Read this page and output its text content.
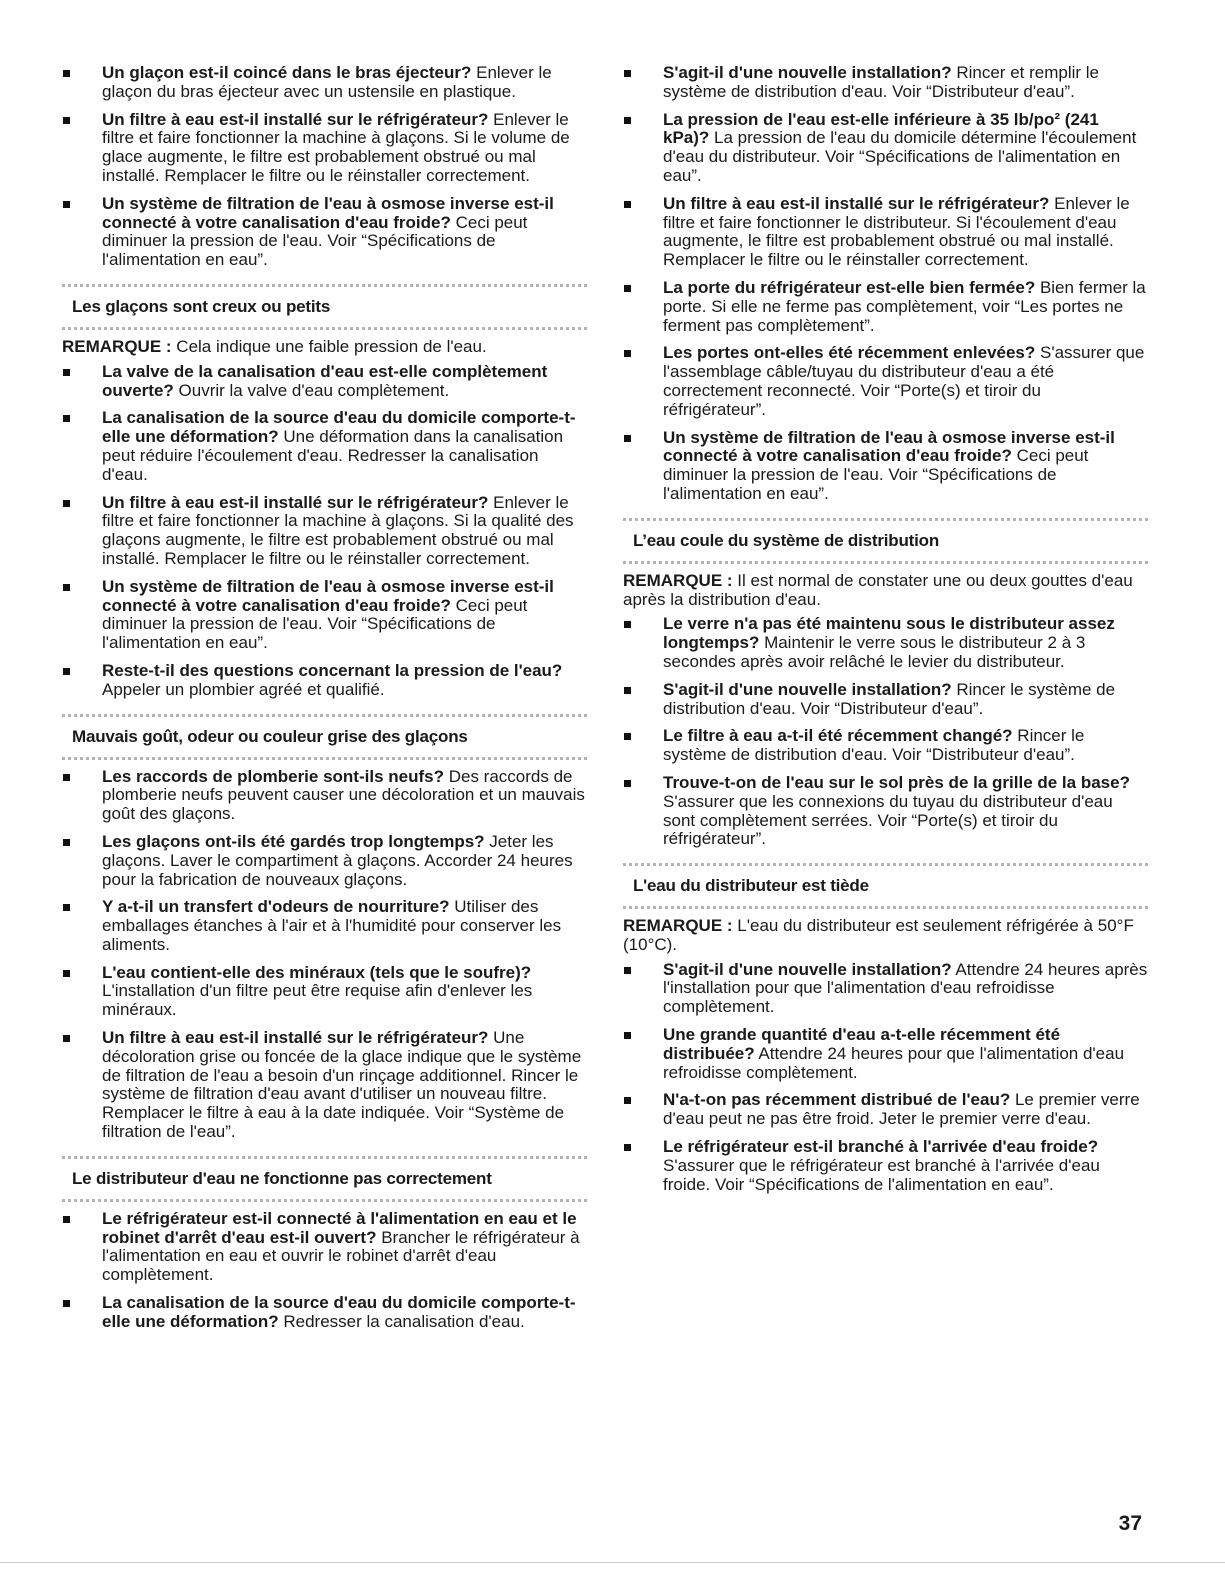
Un glaçon est-il coincé dans le bras éjecteur? Enlever le glaçon du bras éjecteur avec un ustensile en plastique.
Un filtre à eau est-il installé sur le réfrigérateur? Enlever le filtre et faire fonctionner la machine à glaçons. Si le volume de glace augmente, le filtre est probablement obstrué ou mal installé. Remplacer le filtre ou le réinstaller correctement.
Un système de filtration de l'eau à osmose inverse est-il connecté à votre canalisation d'eau froide? Ceci peut diminuer la pression de l'eau. Voir “Spécifications de l'alimentation en eau”.
Les glaçons sont creux ou petits
REMARQUE : Cela indique une faible pression de l'eau.
La valve de la canalisation d'eau est-elle complètement ouverte? Ouvrir la valve d'eau complètement.
La canalisation de la source d'eau du domicile comporte-t-elle une déformation? Une déformation dans la canalisation peut réduire l'écoulement d'eau. Redresser la canalisation d'eau.
Un filtre à eau est-il installé sur le réfrigérateur? Enlever le filtre et faire fonctionner la machine à glaçons. Si la qualité des glaçons augmente, le filtre est probablement obstrué ou mal installé. Remplacer le filtre ou le réinstaller correctement.
Un système de filtration de l'eau à osmose inverse est-il connecté à votre canalisation d'eau froide? Ceci peut diminuer la pression de l'eau. Voir “Spécifications de l'alimentation en eau”.
Reste-t-il des questions concernant la pression de l'eau? Appeler un plombier agréé et qualifié.
Mauvais goût, odeur ou couleur grise des glaçons
Les raccords de plomberie sont-ils neufs? Des raccords de plomberie neufs peuvent causer une décoloration et un mauvais goût des glaçons.
Les glaçons ont-ils été gardés trop longtemps? Jeter les glaçons. Laver le compartiment à glaçons. Accorder 24 heures pour la fabrication de nouveaux glaçons.
Y a-t-il un transfert d'odeurs de nourriture? Utiliser des emballages étanches à l'air et à l'humidité pour conserver les aliments.
L'eau contient-elle des minéraux (tels que le soufre)? L'installation d'un filtre peut être requise afin d'enlever les minéraux.
Un filtre à eau est-il installé sur le réfrigérateur? Une décoloration grise ou foncée de la glace indique que le système de filtration de l'eau a besoin d'un rinçage additionnel. Rincer le système de filtration d'eau avant d'utiliser un nouveau filtre. Remplacer le filtre à eau à la date indiquée. Voir “Système de filtration de l'eau”.
Le distributeur d'eau ne fonctionne pas correctement
Le réfrigérateur est-il connecté à l'alimentation en eau et le robinet d'arrêt d'eau est-il ouvert? Brancher le réfrigérateur à l'alimentation en eau et ouvrir le robinet d'arrêt d'eau complètement.
La canalisation de la source d'eau du domicile comporte-t-elle une déformation? Redresser la canalisation d'eau.
S'agit-il d'une nouvelle installation? Rincer et remplir le système de distribution d'eau. Voir “Distributeur d'eau”.
La pression de l'eau est-elle inférieure à 35 lb/po² (241 kPa)? La pression de l'eau du domicile détermine l'écoulement d'eau du distributeur. Voir “Spécifications de l'alimentation en eau”.
Un filtre à eau est-il installé sur le réfrigérateur? Enlever le filtre et faire fonctionner le distributeur. Si l'écoulement d'eau augmente, le filtre est probablement obstrué ou mal installé. Remplacer le filtre ou le réinstaller correctement.
La porte du réfrigérateur est-elle bien fermée? Bien fermer la porte. Si elle ne ferme pas complètement, voir “Les portes ne ferment pas complètement”.
Les portes ont-elles été récemment enlevées? S'assurer que l'assemblage câble/tuyau du distributeur d'eau a été correctement reconnecté. Voir “Porte(s) et tiroir du réfrigérateur”.
Un système de filtration de l'eau à osmose inverse est-il connecté à votre canalisation d'eau froide? Ceci peut diminuer la pression de l'eau. Voir “Spécifications de l'alimentation en eau”.
L’eau coule du système de distribution
REMARQUE : Il est normal de constater une ou deux gouttes d'eau après la distribution d'eau.
Le verre n'a pas été maintenu sous le distributeur assez longtemps? Maintenir le verre sous le distributeur 2 à 3 secondes après avoir relâché le levier du distributeur.
S'agit-il d'une nouvelle installation? Rincer le système de distribution d'eau. Voir “Distributeur d'eau”.
Le filtre à eau a-t-il été récemment changé? Rincer le système de distribution d'eau. Voir “Distributeur d'eau”.
Trouve-t-on de l'eau sur le sol près de la grille de la base? S'assurer que les connexions du tuyau du distributeur d'eau sont complètement serrées. Voir “Porte(s) et tiroir du réfrigérateur”.
L'eau du distributeur est tiède
REMARQUE : L'eau du distributeur est seulement réfrigérée à 50°F (10°C).
S'agit-il d'une nouvelle installation? Attendre 24 heures après l'installation pour que l'alimentation d'eau refroidisse complètement.
Une grande quantité d'eau a-t-elle récemment été distribuée? Attendre 24 heures pour que l'alimentation d'eau refroidisse complètement.
N'a-t-on pas récemment distribué de l'eau? Le premier verre d'eau peut ne pas être froid. Jeter le premier verre d'eau.
Le réfrigérateur est-il branché à l'arrivée d'eau froide? S'assurer que le réfrigérateur est branché à l'arrivée d'eau froide. Voir “Spécifications de l'alimentation en eau”.
37
